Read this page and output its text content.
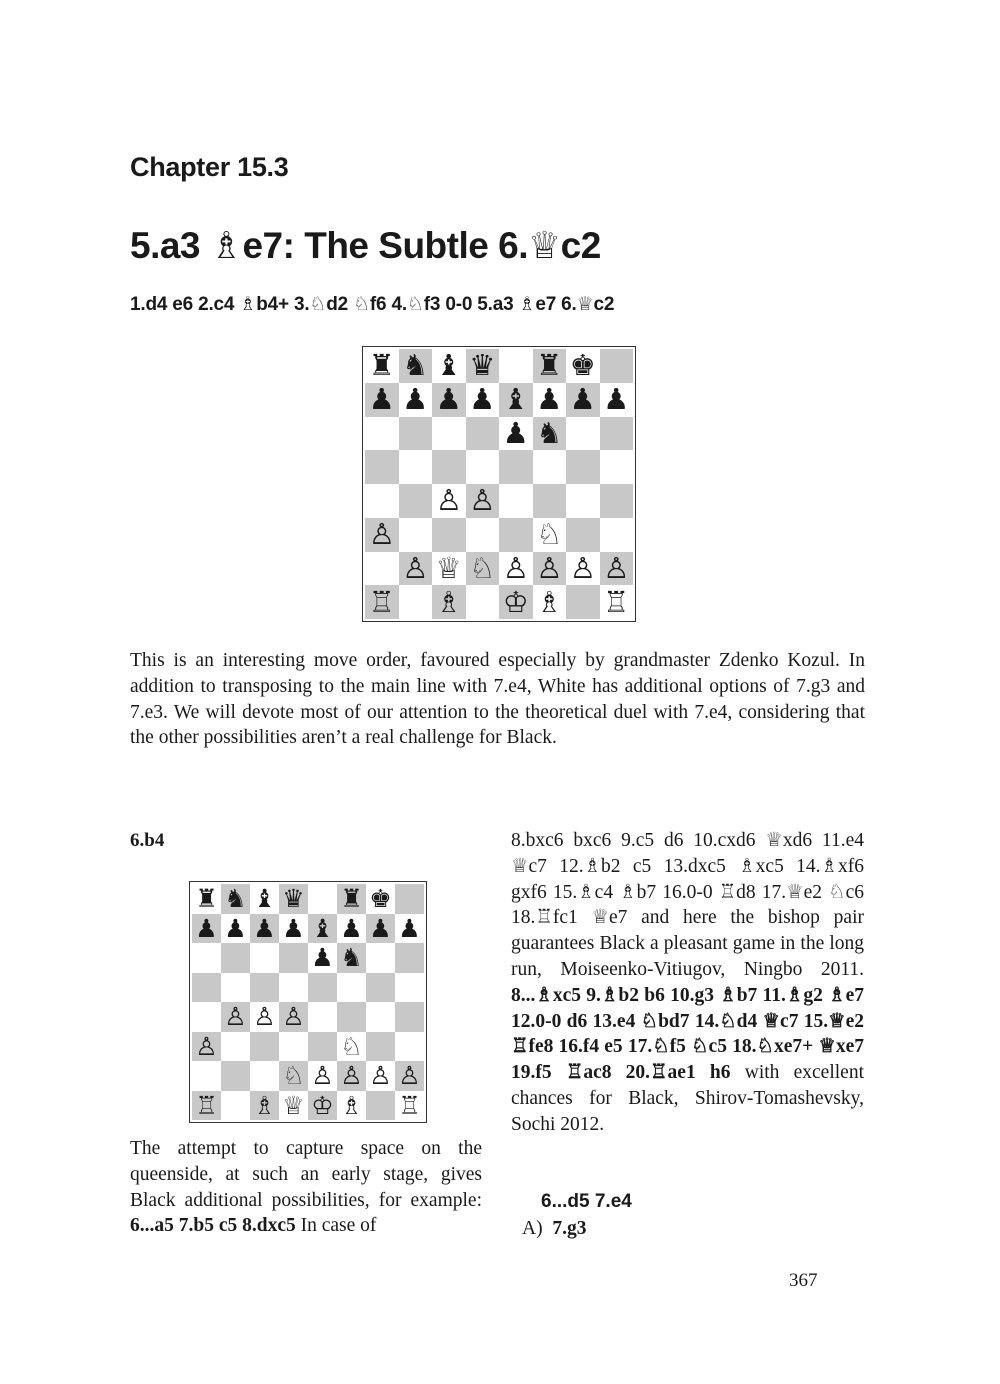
Chapter 15.3
5.a3 ♗e7: The Subtle 6.♕c2
1.d4 e6 2.c4 ♗b4+ 3.♘d2 ♘f6 4.♘f3 0-0 5.a3 ♗e7 6.♕c2
♜ ♞ ♝ ♛ ♜ ♚
♟ ♟ ♟ ♟ ♝ ♟ ♟ ♟
♟ ♞
♙ ♙
♙	♘
♙ ♕ ♘ ♙ ♙ ♙ ♙
♖ ♗ ♔ ♗ ♖
This is an interesting move order, favoured especially by grandmaster Zdenko Kozul. In addition to transposing to the main line with 7.e4, White has additional options of 7.g3 and 7.e3. We will devote most of our attention to the theoretical duel with 7.e4, considering that the other possibilities aren’t a real challenge for Black.
6.b4
♜ ♞ ♝ ♛ ♜ ♚
♟ ♟ ♟ ♟ ♝ ♟ ♟ ♟
♟ ♞
♙ ♙ ♙
♙	♘
♘ ♙ ♙ ♙ ♙
♖ ♗ ♕ ♔ ♗ ♖
The attempt to capture space on the queenside, at such an early stage, gives Black additional possibilities, for example: 6...a5 7.b5 c5 8.dxc5 In case of
8.bxc6 bxc6 9.c5 d6 10.cxd6 ♕xd6 11.e4 ♕c7 12.♗b2 c5 13.dxc5 ♗xc5 14.♗xf6 gxf6 15.♗c4 ♗b7 16.0-0 ♖d8 17.♕e2 ♘c6 18.♖fc1 ♕e7 and here the bishop pair guarantees Black a pleasant game in the long run, Moiseenko-Vitiugov, Ningbo 2011. 8...♗xc5 9.♗b2 b6 10.g3 ♗b7 11.♗g2 ♗e7 12.0-0 d6 13.e4 ♘bd7 14.♘d4 ♕c7 15.♕e2 ♖fe8 16.f4 e5 17.♘f5 ♘c5 18.♘xe7+ ♕xe7 19.f5 ♖ac8 20.♖ae1 h6 with excellent chances for Black, Shirov-Tomashevsky, Sochi 2012.
6...d5 7.e4
A) 7.g3
367
